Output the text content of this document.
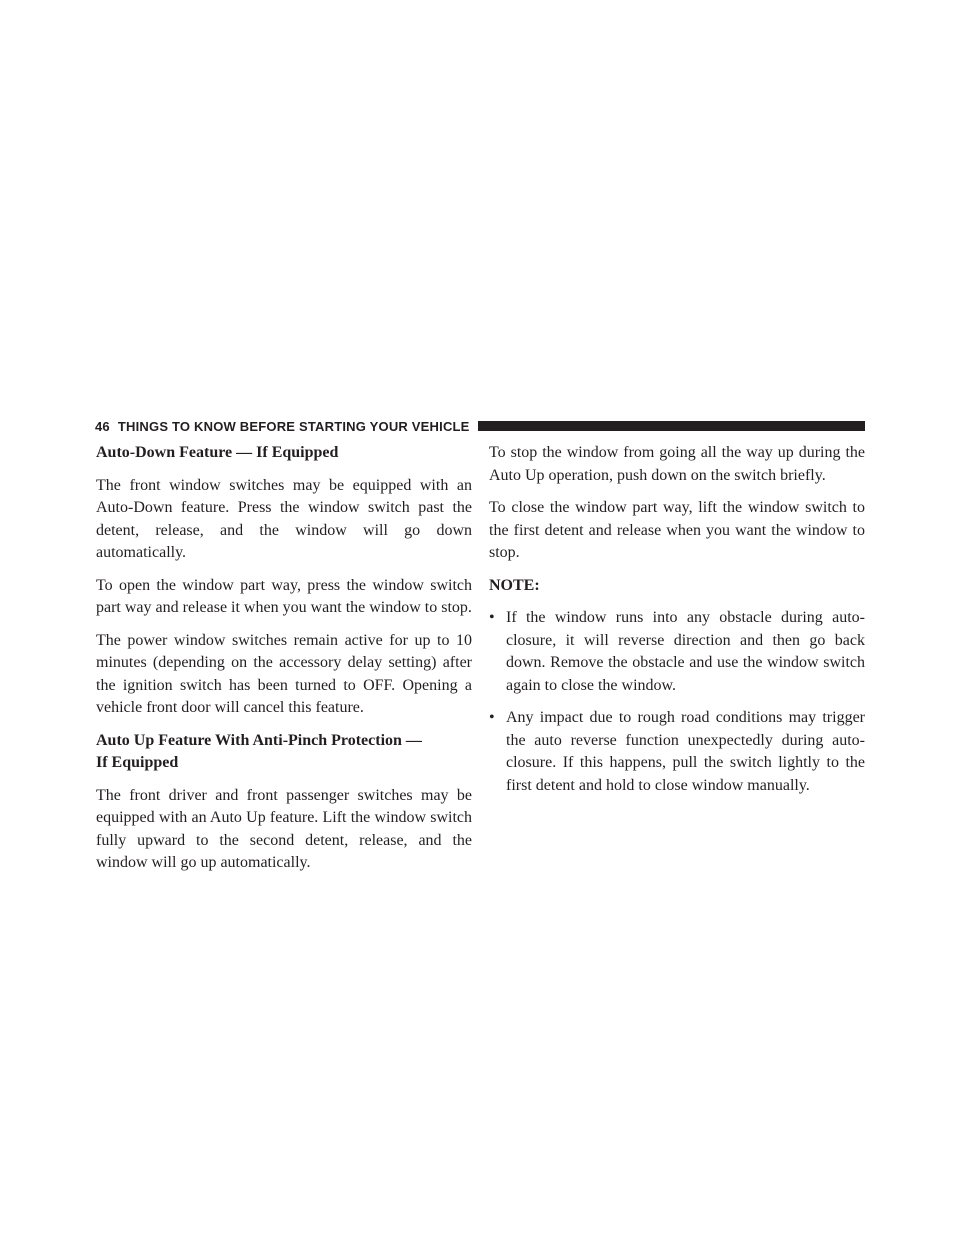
46 THINGS TO KNOW BEFORE STARTING YOUR VEHICLE
Auto-Down Feature — If Equipped

The front window switches may be equipped with an Auto-Down feature. Press the window switch past the detent, release, and the window will go down automatically.

To open the window part way, press the window switch part way and release it when you want the window to stop.

The power window switches remain active for up to 10 minutes (depending on the accessory delay setting) after the ignition switch has been turned to OFF. Opening a vehicle front door will cancel this feature.

Auto Up Feature With Anti-Pinch Protection —
If Equipped

The front driver and front passenger switches may be equipped with an Auto Up feature. Lift the window switch fully upward to the second detent, release, and the window will go up automatically.

To stop the window from going all the way up during the Auto Up operation, push down on the switch briefly.

To close the window part way, lift the window switch to the first detent and release when you want the window to stop.

NOTE:
• If the window runs into any obstacle during auto-closure, it will reverse direction and then go back down. Remove the obstacle and use the window switch again to close the window.
• Any impact due to rough road conditions may trigger the auto reverse function unexpectedly during auto-closure. If this happens, pull the switch lightly to the first detent and hold to close window manually.
